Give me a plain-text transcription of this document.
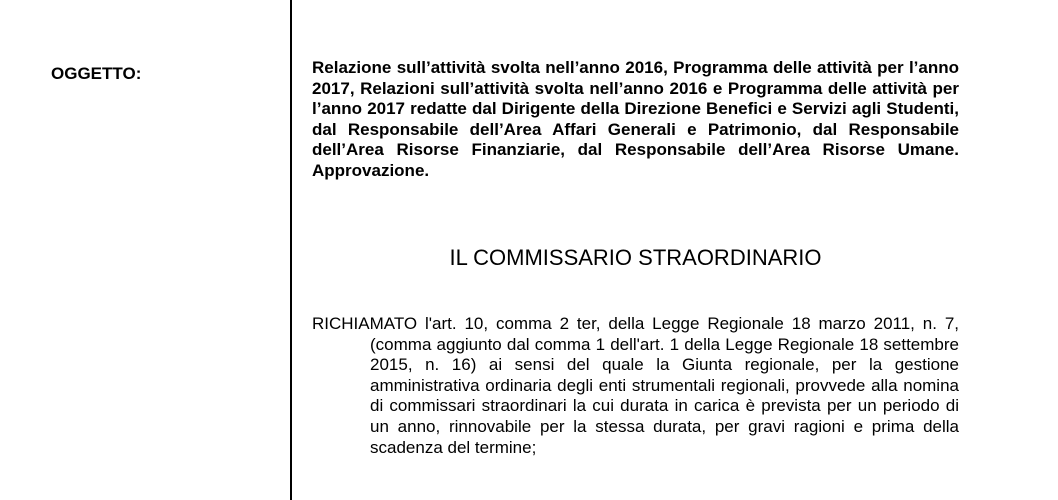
OGGETTO:	Relazione sull’attività svolta nell’anno 2016, Programma delle attività per l’anno 2017, Relazioni sull’attività svolta nell’anno 2016 e Programma delle attività per l’anno 2017 redatte dal Dirigente della Direzione Benefici e Servizi agli Studenti, dal Responsabile dell’Area Affari Generali e Patrimonio, dal Responsabile dell’Area Risorse Finanziarie, dal Responsabile dell’Area Risorse Umane. Approvazione.
IL COMMISSARIO STRAORDINARIO
RICHIAMATO l'art. 10, comma 2 ter, della Legge Regionale 18 marzo 2011, n. 7, (comma aggiunto dal comma 1 dell'art. 1 della Legge Regionale 18 settembre 2015, n. 16) ai sensi del quale la Giunta regionale, per la gestione amministrativa ordinaria degli enti strumentali regionali, provvede alla nomina di commissari straordinari la cui durata in carica è prevista per un periodo di un anno, rinnovabile per la stessa durata, per gravi ragioni e prima della scadenza del termine;
